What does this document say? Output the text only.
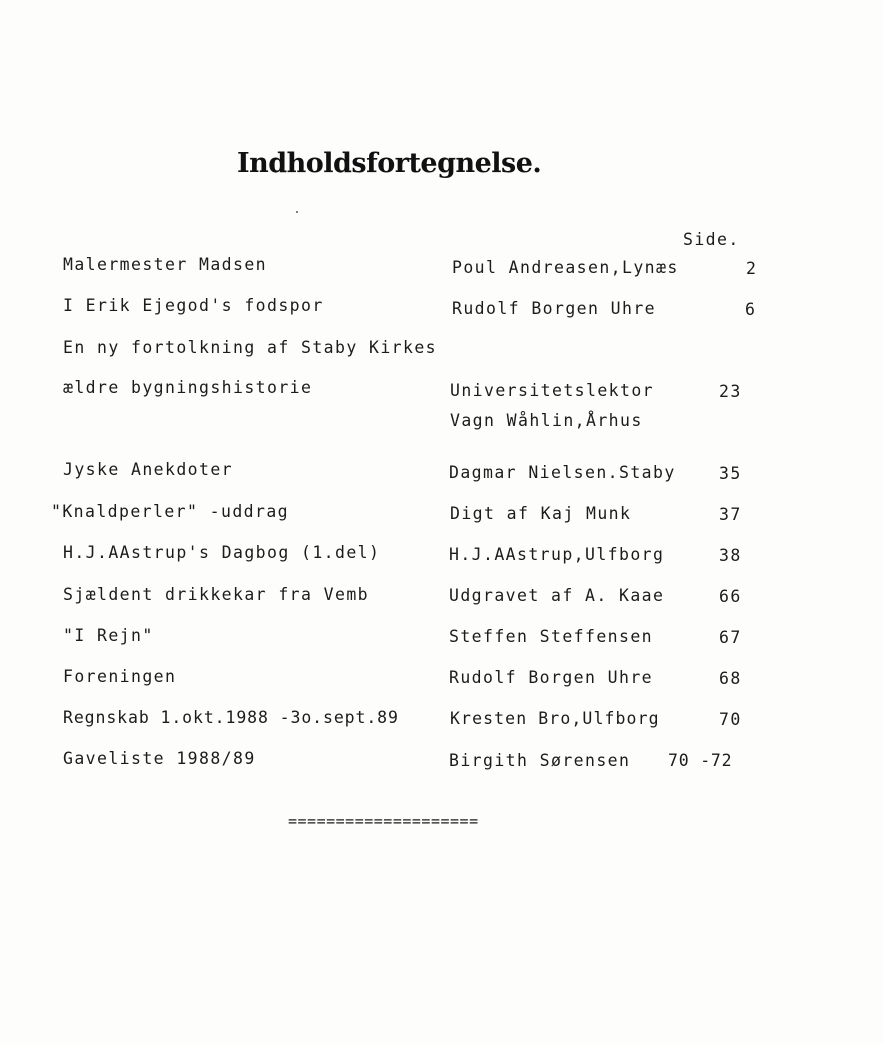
Indholdsfortegnelse.
Side.
Malermester Madsen	Poul Andreasen,Lynæs	2
I Erik Ejegod's fodspor	Rudolf Borgen Uhre	6
En ny fortolkning af Staby Kirkes
ældre bygningshistorie	Universitetslektor	23
Vagn Wåhlin,Århus
Jyske Anekdoter	Dagmar Nielsen.Staby	35
"Knaldperler" -uddrag	Digt af Kaj Munk	37
H.J.AAstrup's Dagbog (1.del)	H.J.AAstrup,Ulfborg	38
Sjældent drikkekar fra Vemb	Udgravet af A. Kaae	66
"I Rejn"	Steffen Steffensen	67
Foreningen	Rudolf Borgen Uhre	68
Regnskab 1.okt.1988 -3o.sept.89	Kresten Bro,Ulfborg	70
Gaveliste 1988/89	Birgith Sørensen 70 -72
====================
